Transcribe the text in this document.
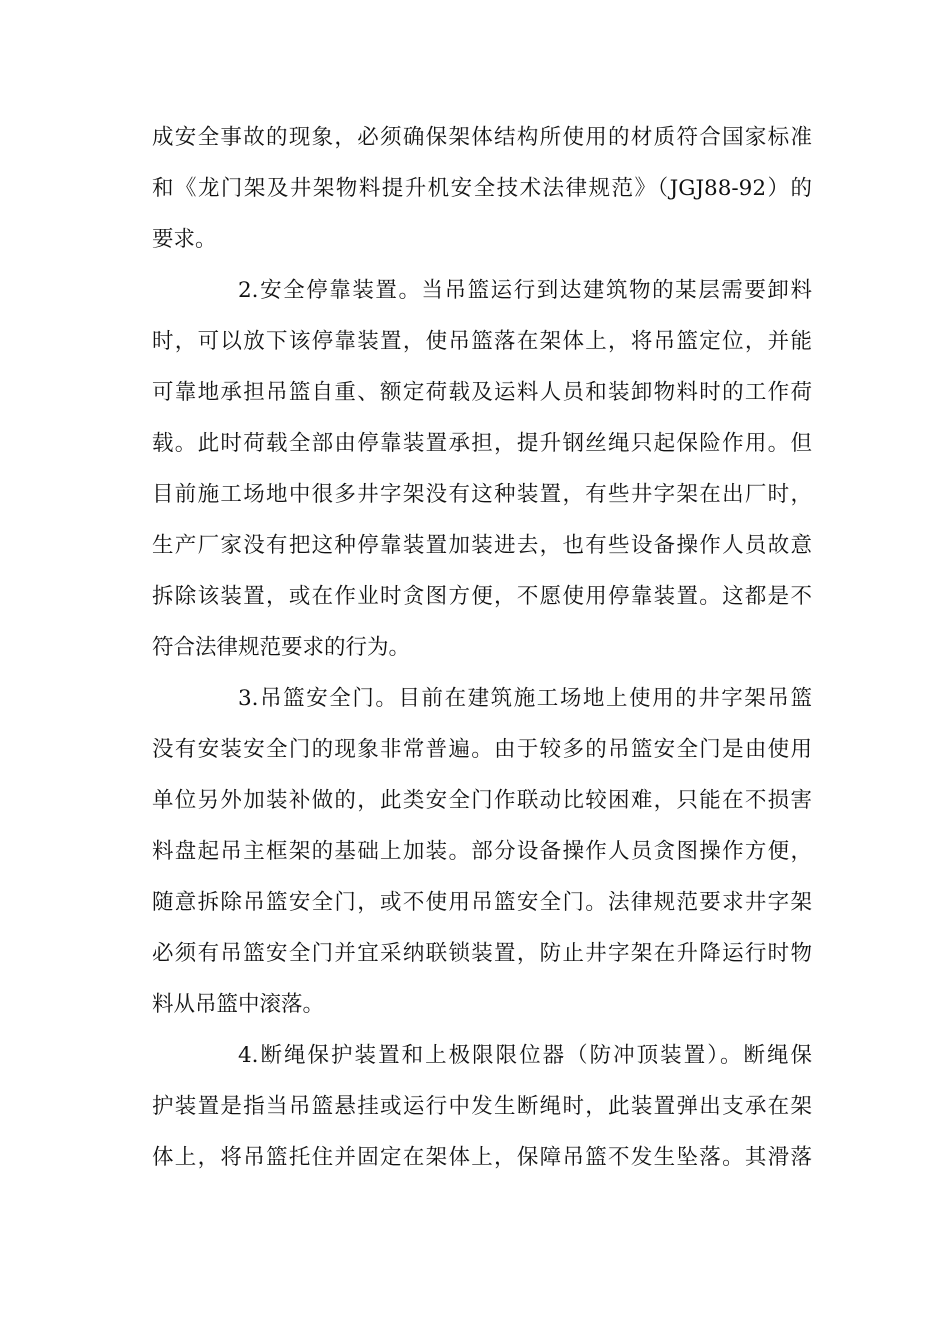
成安全事故的现象，必须确保架体结构所使用的材质符合国家标准
和《龙门架及井架物料提升机安全技术法律规范》（JGJ88-92）的
要求。
2.安全停靠装置。当吊篮运行到达建筑物的某层需要卸料
时，可以放下该停靠装置，使吊篮落在架体上，将吊篮定位，并能
可靠地承担吊篮自重、额定荷载及运料人员和装卸物料时的工作荷
载。此时荷载全部由停靠装置承担，提升钢丝绳只起保险作用。但
目前施工场地中很多井字架没有这种装置，有些井字架在出厂时，
生产厂家没有把这种停靠装置加装进去，也有些设备操作人员故意
拆除该装置，或在作业时贪图方便，不愿使用停靠装置。这都是不
符合法律规范要求的行为。
3.吊篮安全门。目前在建筑施工场地上使用的井字架吊篮
没有安装安全门的现象非常普遍。由于较多的吊篮安全门是由使用
单位另外加装补做的，此类安全门作联动比较困难，只能在不损害
料盘起吊主框架的基础上加装。部分设备操作人员贪图操作方便，
随意拆除吊篮安全门，或不使用吊篮安全门。法律规范要求井字架
必须有吊篮安全门并宜采纳联锁装置，防止井字架在升降运行时物
料从吊篮中滚落。
4.断绳保护装置和上极限限位器（防冲顶装置）。断绳保
护装置是指当吊篮悬挂或运行中发生断绳时，此装置弹出支承在架
体上，将吊篮托住并固定在架体上，保障吊篮不发生坠落。其滑落
